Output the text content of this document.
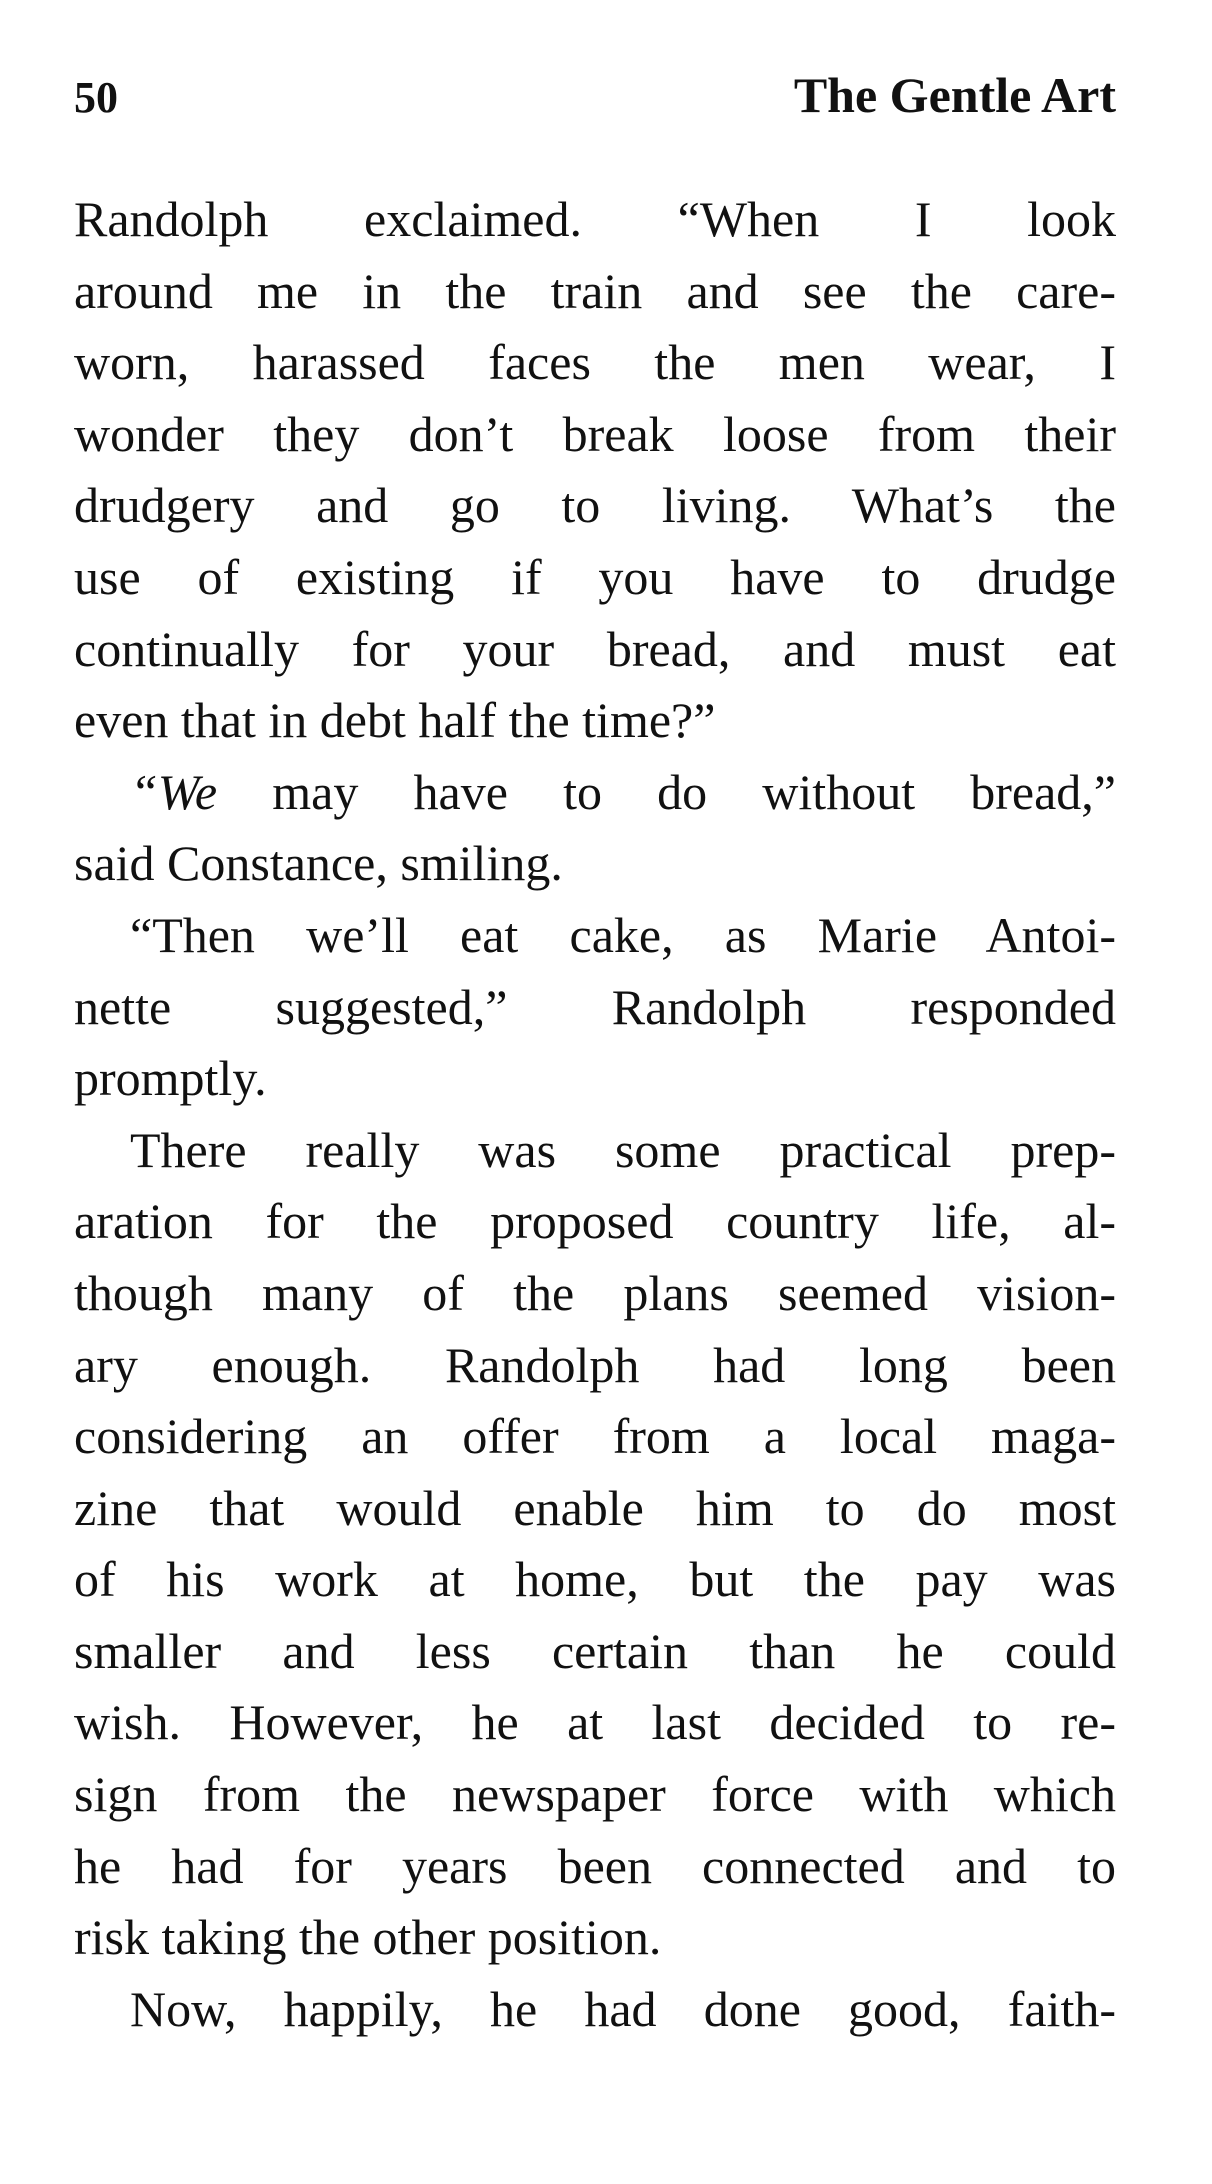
50	The Gentle Art

Randolph exclaimed. “When I look
around me in the train and see the care-
worn, harassed faces the men wear, I
wonder they don’t break loose from their
drudgery and go to living. What’s the
use of existing if you have to drudge
continually for your bread, and must eat
even that in debt half the time?”

“We may have to do without bread,”
said Constance, smiling.

“Then we’ll eat cake, as Marie Antoi-
nette suggested,” Randolph responded
promptly.

There really was some practical prep-
aration for the proposed country life, al-
though many of the plans seemed vision-
ary enough. Randolph had long been
considering an offer from a local maga-
zine that would enable him to do most
of his work at home, but the pay was
smaller and less certain than he could
wish. However, he at last decided to re-
sign from the newspaper force with which
he had for years been connected and to
risk taking the other position.

Now, happily, he had done good, faith-
